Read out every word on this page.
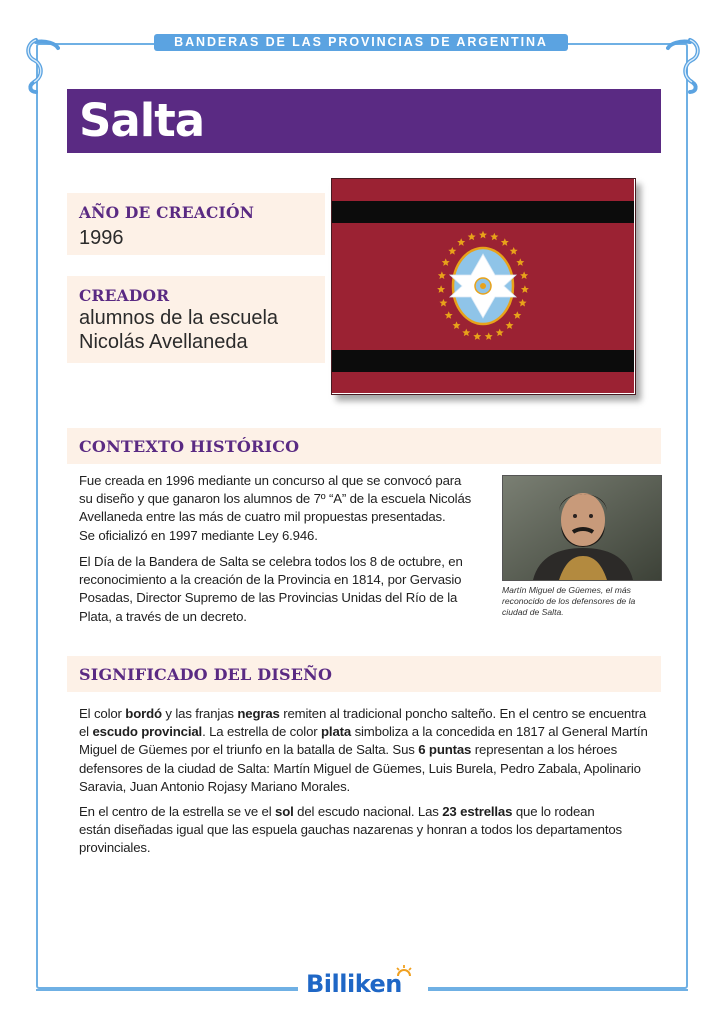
BANDERAS DE LAS PROVINCIAS DE ARGENTINA
Salta
AÑO DE CREACIÓN
1996
CREADOR
alumnos de la escuela
Nicolás Avellaneda
CONTEXTO HISTÓRICO
Fue creada en 1996 mediante un concurso al que se convocó para
su diseño y que ganaron los alumnos de 7º “A” de la escuela Nicolás
Avellaneda entre las más de cuatro mil propuestas presentadas.
Se oficializó en 1997 mediante Ley 6.946.
El Día de la Bandera de Salta se celebra todos los 8 de octubre, en
reconocimiento a la creación de la Provincia en 1814, por Gervasio
Posadas, Director Supremo de las Provincias Unidas del Río de la
Plata, a través de un decreto.
Martín Miguel de Güemes, el más
reconocido de los defensores de la
ciudad de Salta.
SIGNIFICADO DEL DISEÑO
El color bordó y las franjas negras remiten al tradicional poncho salteño. En el centro se encuentra
el escudo provincial. La estrella de color plata simboliza a la concedida en 1817 al General Martín
Miguel de Güemes por el triunfo en la batalla de Salta. Sus 6 puntas representan a los héroes
defensores de la ciudad de Salta: Martín Miguel de Güemes, Luis Burela, Pedro Zabala, Apolinario
Saravia, Juan Antonio Rojasy Mariano Morales.
En el centro de la estrella se ve el sol del escudo nacional. Las 23 estrellas que lo rodean
están diseñadas igual que las espuela gauchas nazarenas y honran a todos los departamentos
provinciales.
Billiken
